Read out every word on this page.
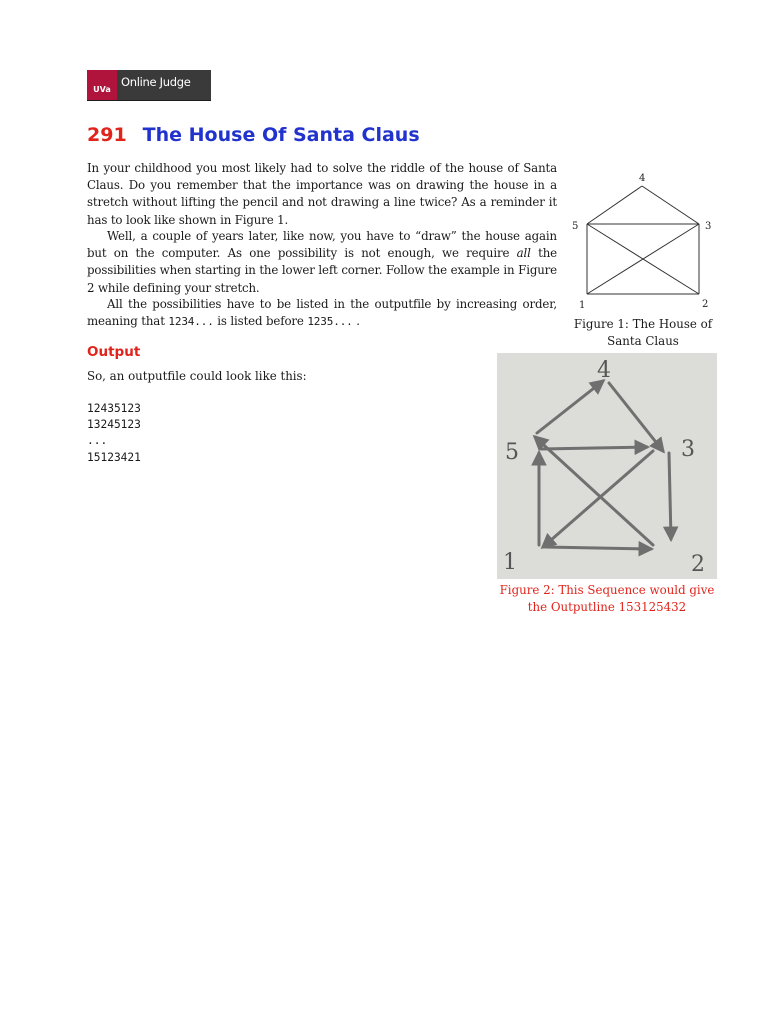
UVa
Online Judge
291 The House Of Santa Claus

In your childhood you most likely had to solve the riddle of the house of Santa Claus. Do you remember that the importance was on drawing the house in a stretch without lifting the pencil and not drawing a line twice? As a reminder it has to look like shown in Figure 1.

Well, a couple of years later, like now, you have to “draw” the house again but on the computer. As one possibility is not enough, we require all the possibilities when starting in the lower left corner. Follow the example in Figure 2 while defining your stretch.

All the possibilities have to be listed in the outputfile by increasing order, meaning that 1234... is listed before 1235... .

Output

So, an outputfile could look like this:

12435123
13245123
...
15123421
4
5	3
1	2
Figure 1: The House of
Santa Claus
4
5	3
1	2
Figure 2: This Sequence would give
the Outputline 153125432
